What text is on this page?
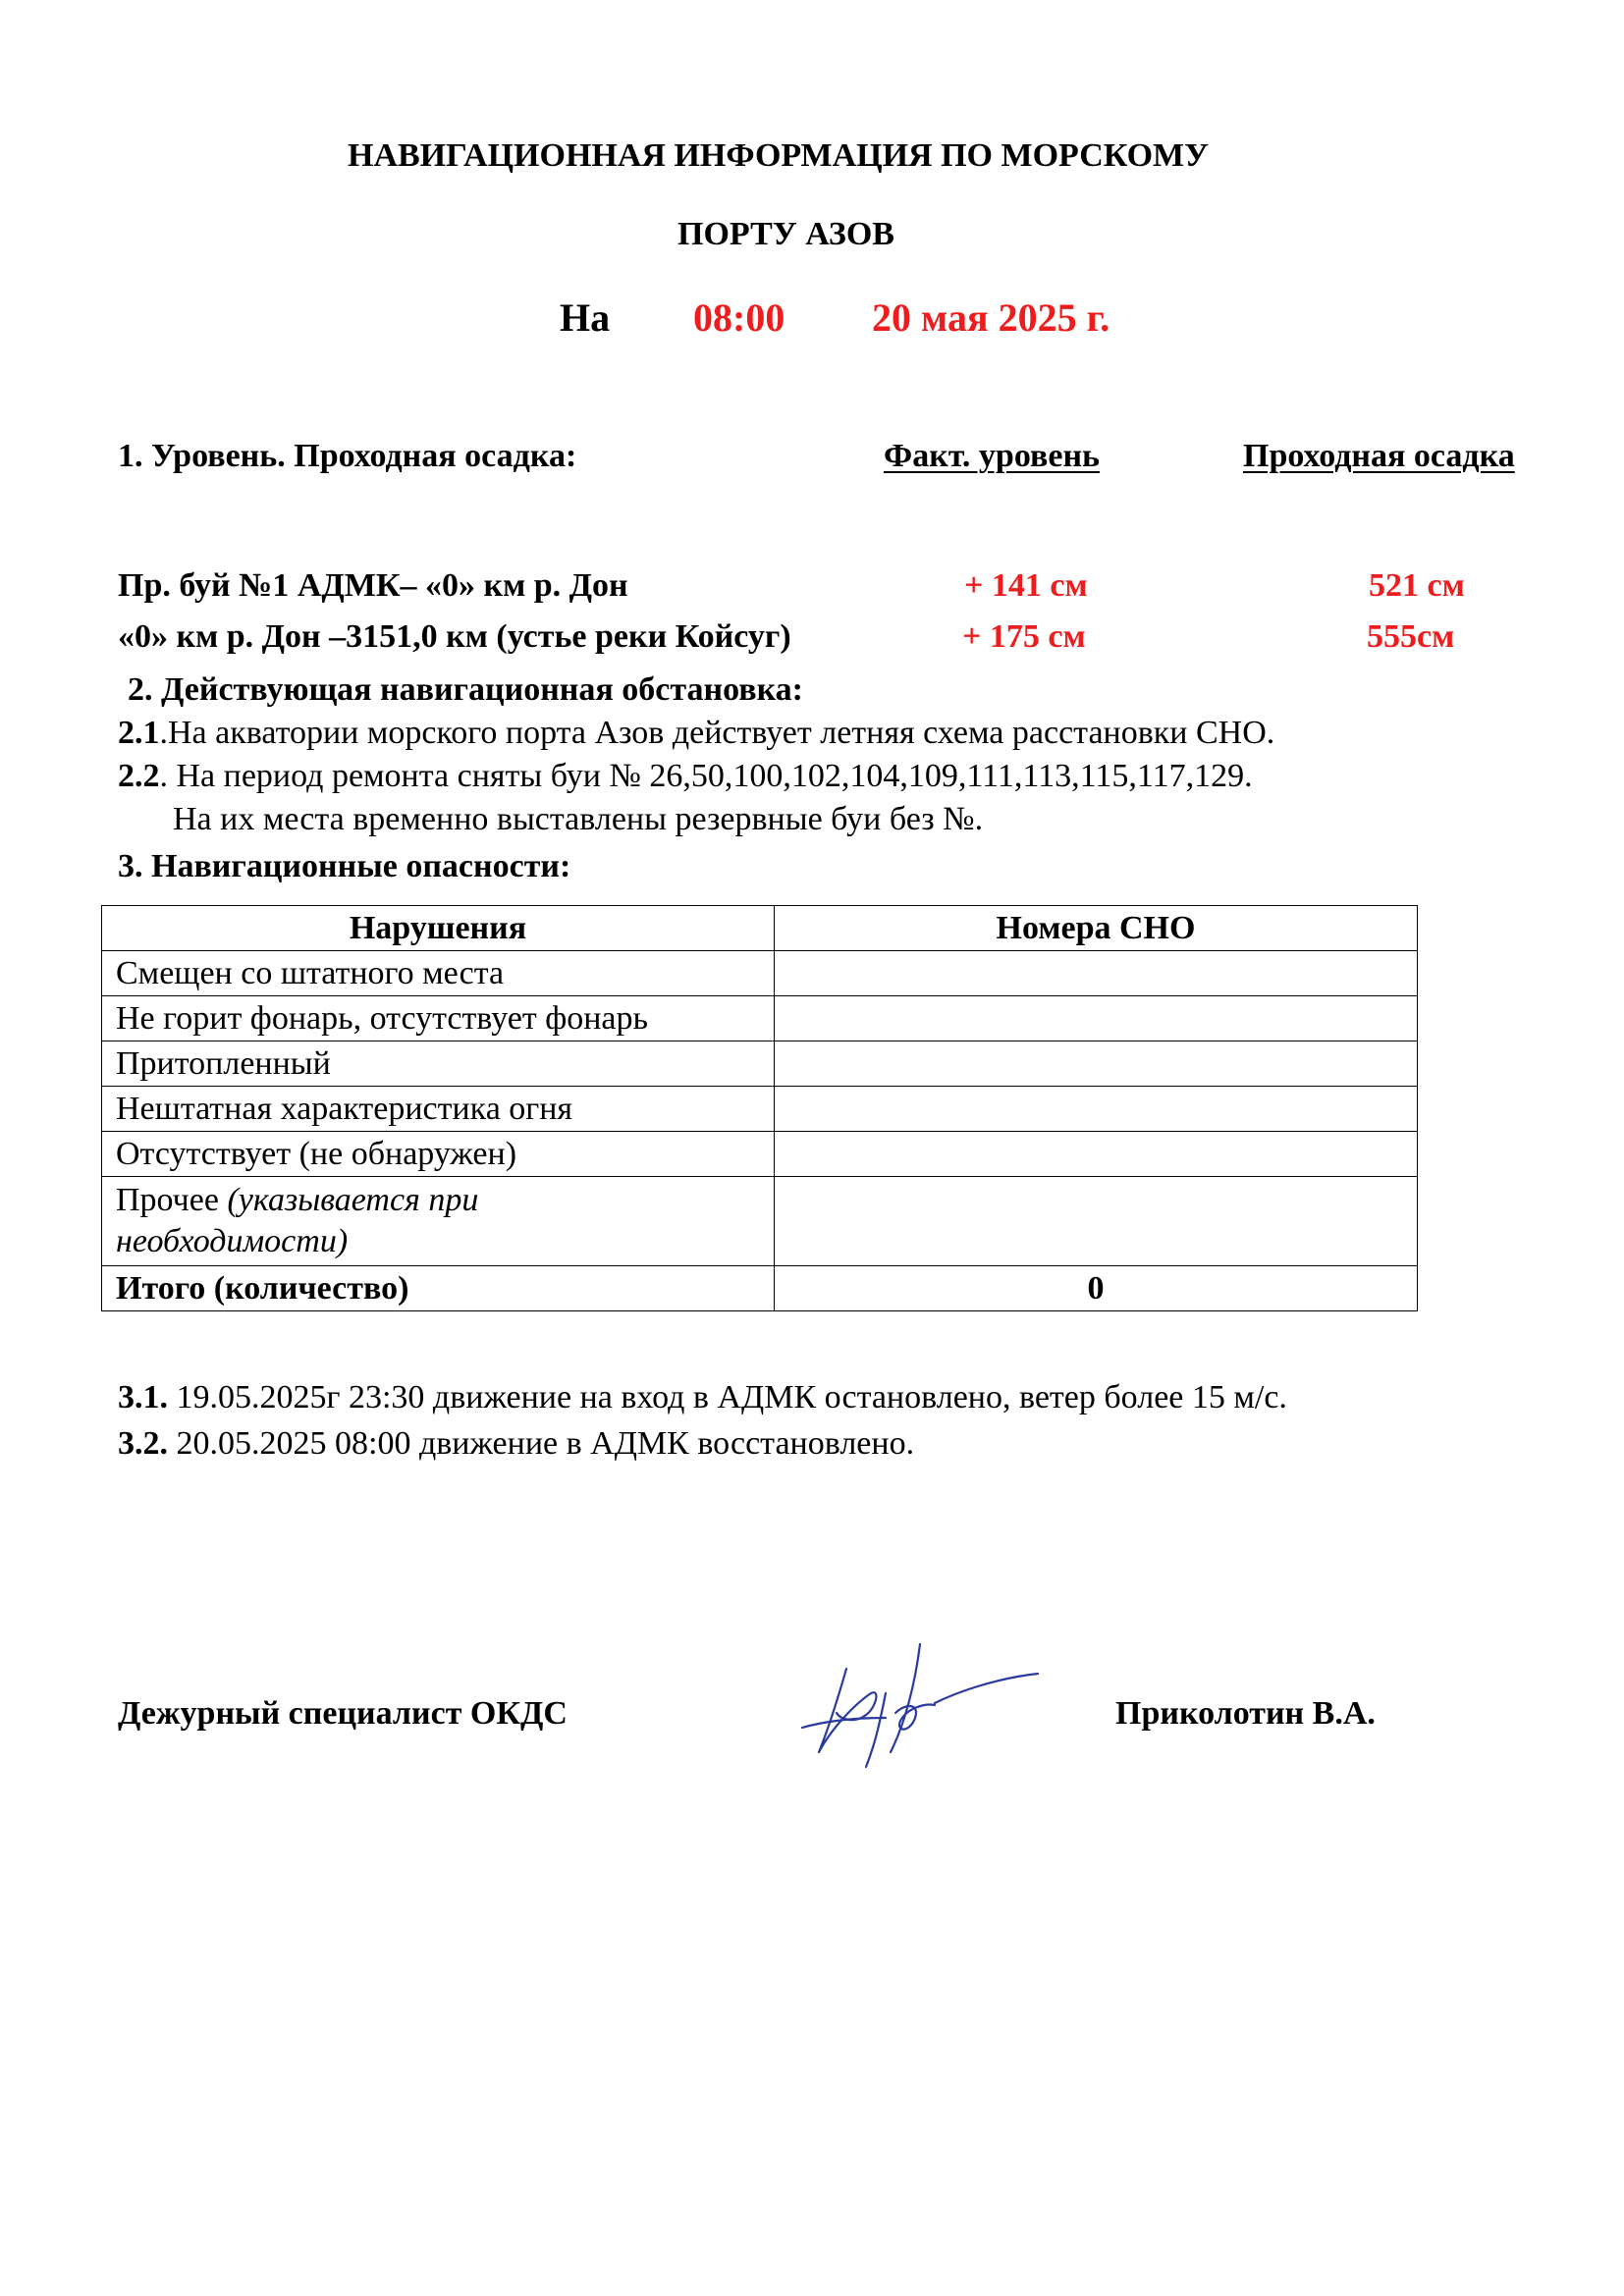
НАВИГАЦИОННАЯ ИНФОРМАЦИЯ ПО МОРСКОМУ
ПОРТУ АЗОВ
На 08:00 20 мая 2025 г.
1. Уровень. Проходная осадка:	Факт. уровень	Проходная осадка
Пр. буй №1 АДМК– «0» км р. Дон	+ 141 см	521 см
«0» км р. Дон –3151,0 км (устье реки Койсуг)	+ 175 см	555см
2. Действующая навигационная обстановка:
2.1.На акватории морского порта Азов действует летняя схема расстановки СНО.
2.2. На период ремонта сняты буи № 26,50,100,102,104,109,111,113,115,117,129.
На их места временно выставлены резервные буи без №.
3. Навигационные опасности:
Нарушения	Номера СНО
Смещен со штатного места	
Не горит фонарь, отсутствует фонарь	
Притопленный	
Нештатная характеристика огня	
Отсутствует (не обнаружен)	
Прочее (указывается при
необходимости)	
Итого (количество)	0
3.1. 19.05.2025г 23:30 движение на вход в АДМК остановлено, ветер более 15 м/с.
3.2. 20.05.2025 08:00 движение в АДМК восстановлено.
Дежурный специалист ОКДС	Приколотин В.А.
